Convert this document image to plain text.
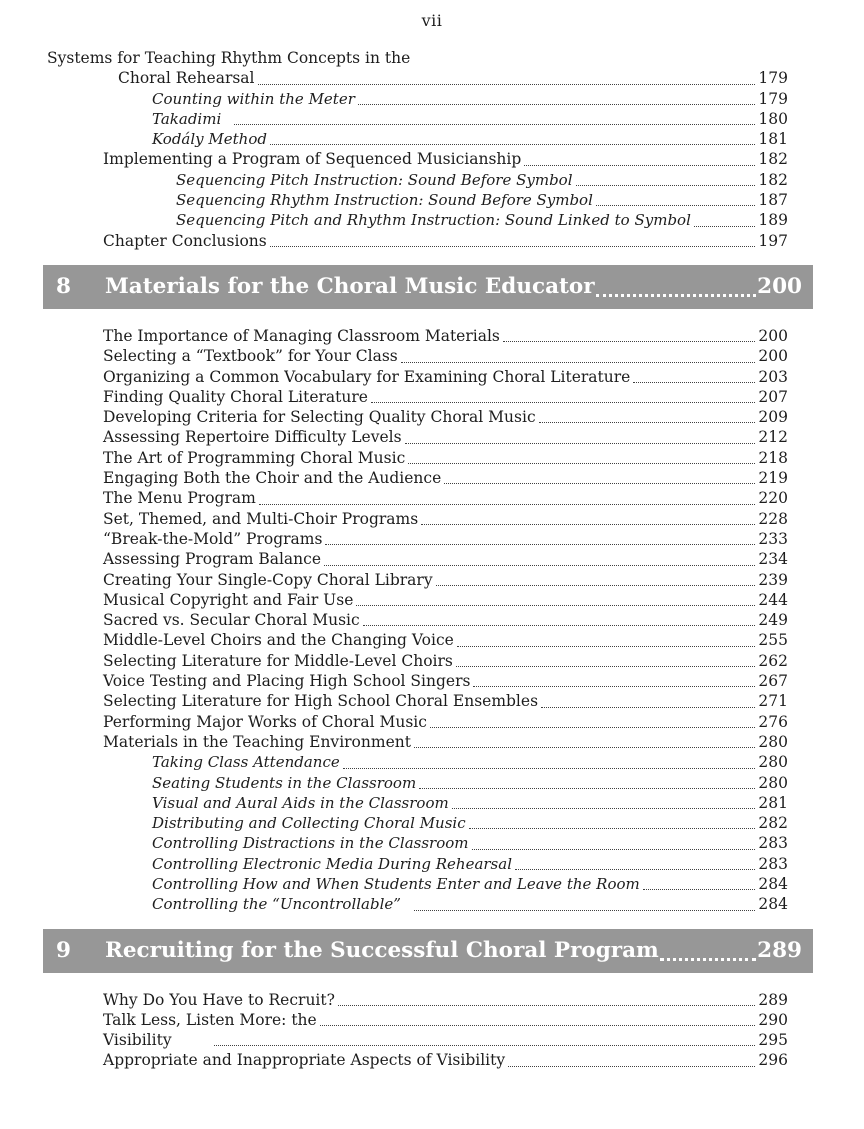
vii
Systems for Teaching Rhythm Concepts in the
Choral Rehearsal	179
Counting within the Meter	179
Takadimi	180
Kodály Method	181
Implementing a Program of Sequenced Musicianship	182
Sequencing Pitch Instruction: Sound Before Symbol	182
Sequencing Rhythm Instruction: Sound Before Symbol	187
Sequencing Pitch and Rhythm Instruction: Sound Linked to Symbol	189
Chapter Conclusions	197
8	Materials for the Choral Music Educator	200
The Importance of Managing Classroom Materials	200
Selecting a “Textbook” for Your Class	200
Organizing a Common Vocabulary for Examining Choral Literature	203
Finding Quality Choral Literature	207
Developing Criteria for Selecting Quality Choral Music	209
Assessing Repertoire Difficulty Levels	212
The Art of Programming Choral Music	218
Engaging Both the Choir and the Audience	219
The Menu Program	220
Set, Themed, and Multi-Choir Programs	228
“Break-the-Mold” Programs	233
Assessing Program Balance	234
Creating Your Single-Copy Choral Library	239
Musical Copyright and Fair Use	244
Sacred vs. Secular Choral Music	249
Middle-Level Choirs and the Changing Voice	255
Selecting Literature for Middle-Level Choirs	262
Voice Testing and Placing High School Singers	267
Selecting Literature for High School Choral Ensembles	271
Performing Major Works of Choral Music	276
Materials in the Teaching Environment	280
Taking Class Attendance	280
Seating Students in the Classroom	280
Visual and Aural Aids in the Classroom	281
Distributing and Collecting Choral Music	282
Controlling Distractions in the Classroom	283
Controlling Electronic Media During Rehearsal	283
Controlling How and When Students Enter and Leave the Room	284
Controlling the “Uncontrollable”	284
9	Recruiting for the Successful Choral Program	289
Why Do You Have to Recruit?	289
Talk Less, Listen More: the	290
Visibility	295
Appropriate and Inappropriate Aspects of Visibility	296
